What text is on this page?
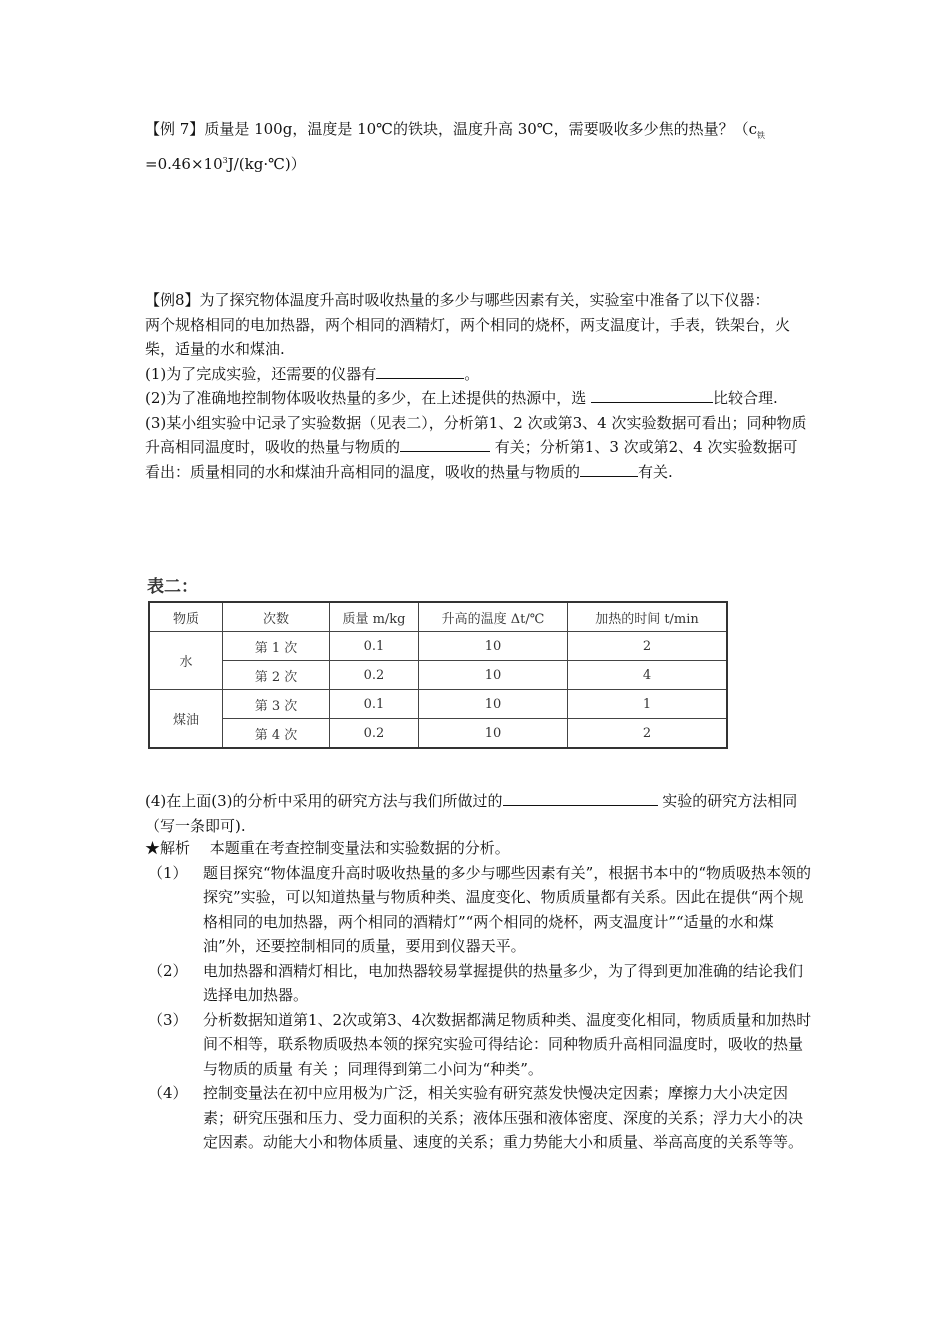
【例 7】质量是 100g，温度是 10℃的铁块，温度升高 30℃，需要吸收多少焦的热量？（$c_铁$
$=0.46\times 10^3J/(kg\cdot℃)$）
【例8】为了探究物体温度升高时吸收热量的多少与哪些因素有关，实验室中准备了以下仪器：
两个规格相同的电加热器，两个相同的酒精灯，两个相同的烧杯，两支温度计，手表，铁架台，火柴，适量的水和煤油.
(1)为了完成实验，还需要的仪器有	。
(2)为了准确地控制物体吸收热量的多少，在上述提供的热源中，选	比较合理.
(3)某小组实验中记录了实验数据（见表二），分析第1、2 次或第3、4 次实验数据可看出；同种物质升高相同温度时，吸收的热量与物质的	有关；分析第1、3 次或第2、4 次实验数据可看出：质量相同的水和煤油升高相同的温度，吸收的热量与物质的	有关.
表二：
物质	次数	质量 m/kg	升高的温度 Δt/℃	加热的时间 t/min
水	第 1 次	0.1	10	2
	第 2 次	0.2	10	4
煤油	第 3 次	0.1	10	1
	第 4 次	0.2	10	2
(4)在上面(3)的分析中采用的研究方法与我们所做过的	实验的研究方法相同（写一条即可).
★解析　 本题重在考查控制变量法和实验数据的分析。
（1）	题目探究“物体温度升高时吸收热量的多少与哪些因素有关”，根据书本中的“物质吸热本领的探究”实验，可以知道热量与物质种类、温度变化、物质质量都有关系。因此在提供“两个规格相同的电加热器，两个相同的酒精灯”“两个相同的烧杯，两支温度计”“适量的水和煤油”外，还要控制相同的质量，要用到仪器天平。
（2）	电加热器和酒精灯相比，电加热器较易掌握提供的热量多少，为了得到更加准确的结论我们选择电加热器。
（3）	分析数据知道第1、2次或第3、4次数据都满足物质种类、温度变化相同，物质质量和加热时间不相等，联系物质吸热本领的探究实验可得结论：同种物质升高相同温度时，吸收的热量与物质的质量 有关 ；同理得到第二小问为“种类”。
（4）	控制变量法在初中应用极为广泛，相关实验有研究蒸发快慢决定因素；摩擦力大小决定因素；研究压强和压力、受力面积的关系；液体压强和液体密度、深度的关系；浮力大小的决定因素。动能大小和物体质量、速度的关系；重力势能大小和质量、举高高度的关系等等。
